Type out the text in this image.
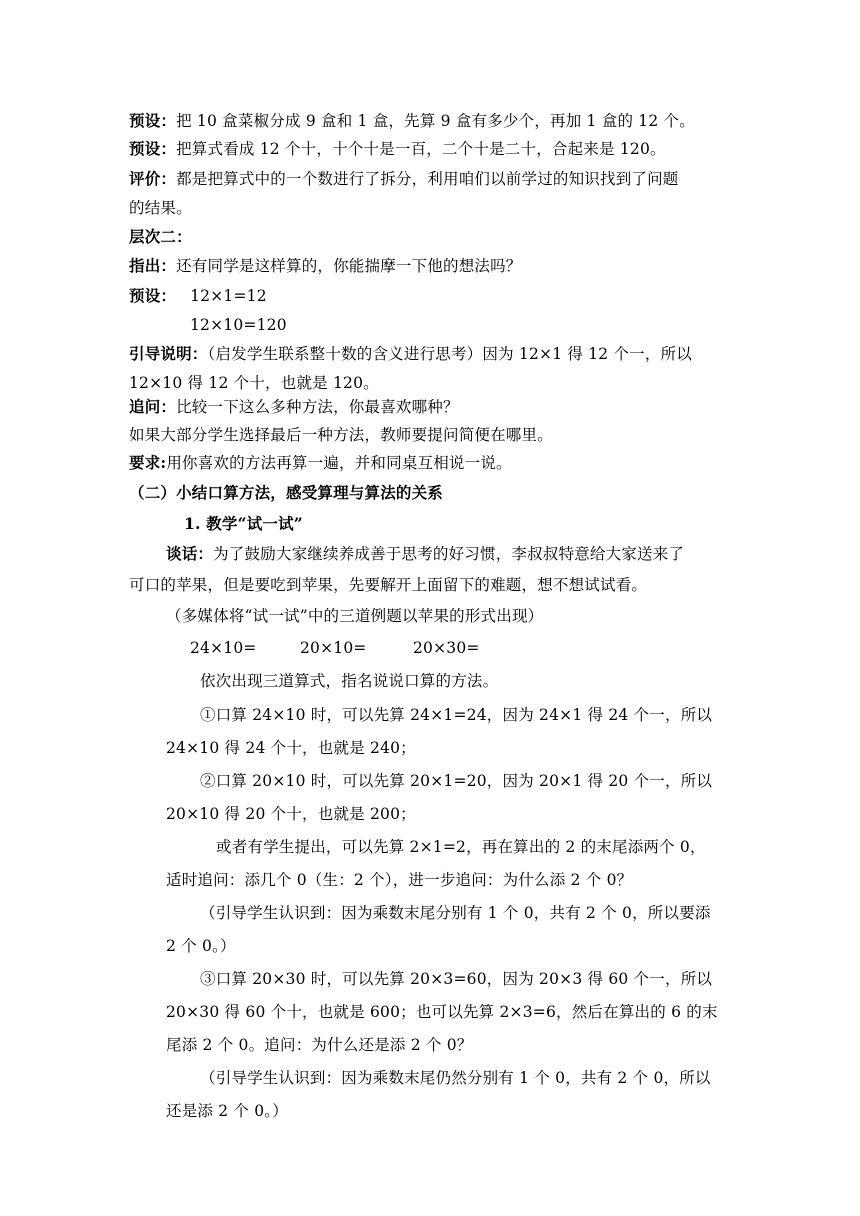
预设：把 10 盒菜椒分成 9 盒和 1 盒，先算 9 盒有多少个，再加 1 盒的 12 个。
预设：把算式看成 12 个十，十个十是一百，二个十是二十，合起来是 120。
评价：都是把算式中的一个数进行了拆分，利用咱们以前学过的知识找到了问题
的结果。
层次二：
指出：还有同学是这样算的，你能揣摩一下他的想法吗？
预设： 12×1=12
12×10=120
引导说明：（启发学生联系整十数的含义进行思考）因为 12×1 得 12 个一，所以
12×10 得 12 个十，也就是 120。
追问：比较一下这么多种方法，你最喜欢哪种？
如果大部分学生选择最后一种方法，教师要提问简便在哪里。
要求:用你喜欢的方法再算一遍，并和同桌互相说一说。
（二）小结口算方法，感受算理与算法的关系
1. 教学“试一试”
谈话：为了鼓励大家继续养成善于思考的好习惯，李叔叔特意给大家送来了
可口的苹果，但是要吃到苹果，先要解开上面留下的难题，想不想试试看。
（多媒体将“试一试”中的三道例题以苹果的形式出现）
24×10=	20×10=	20×30=
依次出现三道算式，指名说说口算的方法。
①口算 24×10 时，可以先算 24×1=24，因为 24×1 得 24 个一，所以
24×10 得 24 个十，也就是 240；
②口算 20×10 时，可以先算 20×1=20，因为 20×1 得 20 个一，所以
20×10 得 20 个十，也就是 200；
或者有学生提出，可以先算 2×1=2，再在算出的 2 的末尾添两个 0，
适时追问：添几个 0（生：2 个），进一步追问：为什么添 2 个 0？
（引导学生认识到：因为乘数末尾分别有 1 个 0，共有 2 个 0，所以要添
2 个 0。）
③口算 20×30 时，可以先算 20×3=60，因为 20×3 得 60 个一，所以
20×30 得 60 个十，也就是 600；也可以先算 2×3=6，然后在算出的 6 的末
尾添 2 个 0。追问：为什么还是添 2 个 0？
（引导学生认识到：因为乘数末尾仍然分别有 1 个 0，共有 2 个 0，所以
还是添 2 个 0。）
